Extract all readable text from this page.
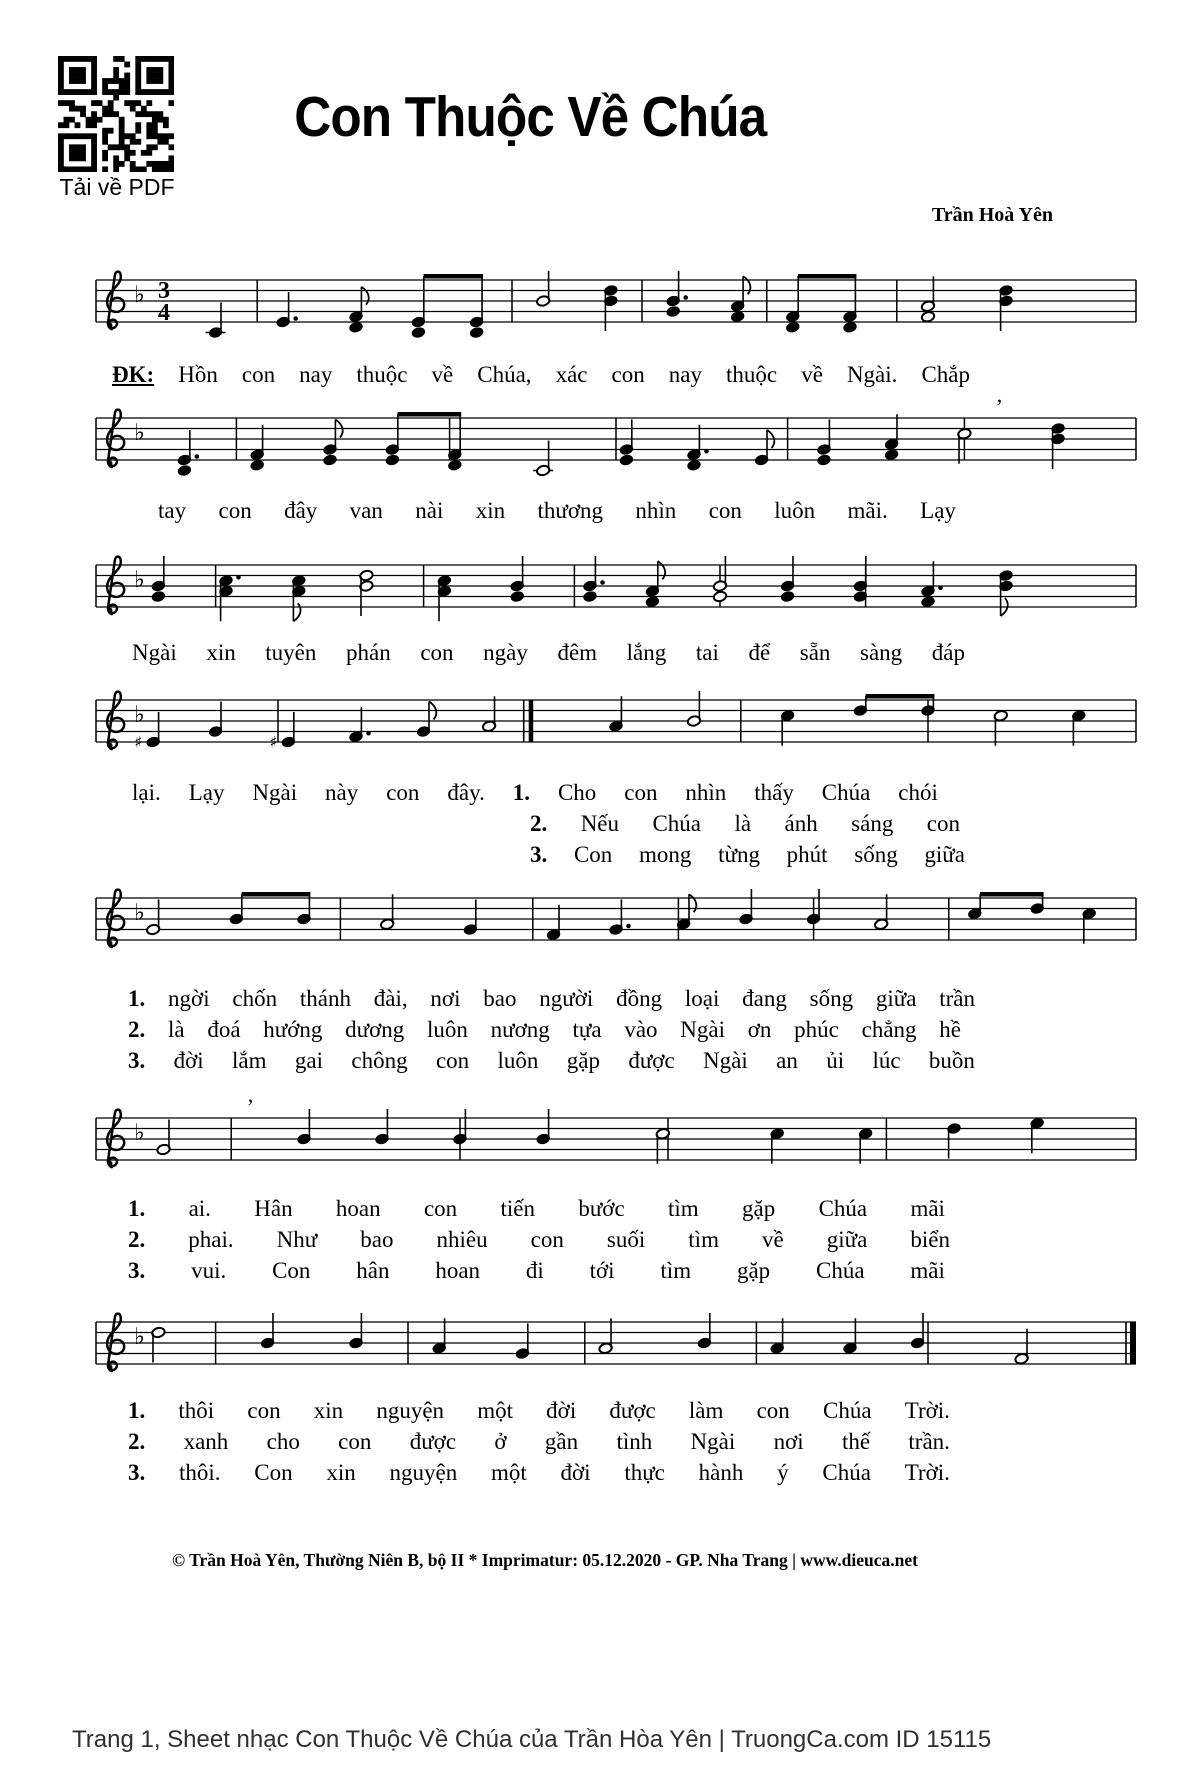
Tải về PDF
Con Thuộc Về Chúa
Trần Hoà Yên
♭ 3
4
♭
’
♭
♭
♯	♯
♭
♭
’
♭
ĐK: Hồn con nay thuộc về Chúa, xác con nay thuộc về Ngài. Chắp
tay con đây van nài xin thương nhìn con luôn mãi. Lạy
Ngài xin tuyên phán con ngày đêm lắng tai để sẵn sàng đáp
lại. Lạy Ngài này con đây. 1. Cho con nhìn thấy Chúa chói
2. Nếu Chúa là ánh sáng con
3. Con mong từng phút sống giữa
1. ngời chốn thánh đài, nơi bao người đồng loại đang sống giữa trần
2. là đoá hướng dương luôn nương tựa vào Ngài ơn phúc chẳng hề
3. đời lắm gai chông con luôn gặp được Ngài an ủi lúc buồn
1. ai. Hân hoan con tiến bước tìm gặp Chúa mãi
2. phai. Như bao nhiêu con suối tìm về giữa biển
3. vui. Con hân hoan đi tới tìm gặp Chúa mãi
1. thôi con xin nguyện một đời được làm con Chúa Trời.
2. xanh cho con được ở gần tình Ngài nơi thế trần.
3. thôi. Con xin nguyện một đời thực hành ý Chúa Trời.
© Trần Hoà Yên, Thường Niên B, bộ II * Imprimatur: 05.12.2020 - GP. Nha Trang | www.dieuca.net
Trang 1, Sheet nhạc Con Thuộc Về Chúa của Trần Hòa Yên | TruongCa.com ID 15115
